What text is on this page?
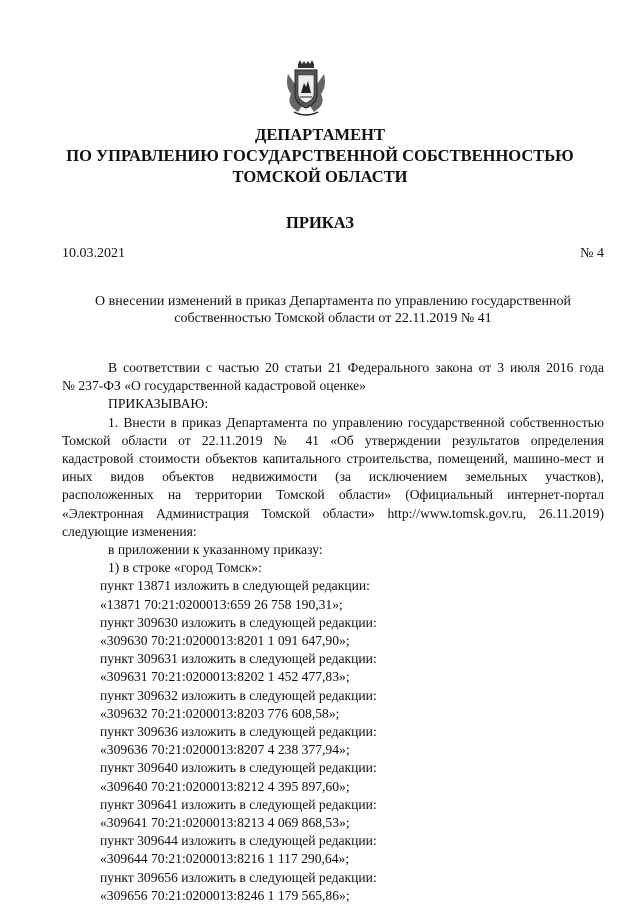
ДЕПАРТАМЕНТ
ПО УПРАВЛЕНИЮ ГОСУДАРСТВЕННОЙ СОБСТВЕННОСТЬЮ
ТОМСКОЙ ОБЛАСТИ
ПРИКАЗ
10.03.2021	№ 4
О внесении изменений в приказ Департамента по управлению государственной
собственностью Томской области от 22.11.2019 № 41

В соответствии с частью 20 статьи 21 Федерального закона от 3 июля 2016 года

№ 237-ФЗ «О государственной кадастровой оценке»

ПРИКАЗЫВАЮ:

1. Внести в приказ Департамента по управлению государственной собственностью

Томской области от 22.11.2019 № 41 «Об утверждении результатов определения

кадастровой стоимости объектов капитального строительства, помещений, машино-мест и

иных видов объектов недвижимости (за исключением земельных участков),

расположенных на территории Томской области» (Официальный интернет-портал

«Электронная Администрация Томской области» http://www.tomsk.gov.ru, 26.11.2019)

следующие изменения:

в приложении к указанному приказу:

1) в строке «город Томск»:

пункт 13871 изложить в следующей редакции:

«13871 70:21:0200013:659 26 758 190,31»;

пункт 309630 изложить в следующей редакции:

«309630 70:21:0200013:8201 1 091 647,90»;

пункт 309631 изложить в следующей редакции:

«309631 70:21:0200013:8202 1 452 477,83»;

пункт 309632 изложить в следующей редакции:

«309632 70:21:0200013:8203 776 608,58»;

пункт 309636 изложить в следующей редакции:

«309636 70:21:0200013:8207 4 238 377,94»;

пункт 309640 изложить в следующей редакции:

«309640 70:21:0200013:8212 4 395 897,60»;

пункт 309641 изложить в следующей редакции:

«309641 70:21:0200013:8213 4 069 868,53»;

пункт 309644 изложить в следующей редакции:

«309644 70:21:0200013:8216 1 117 290,64»;

пункт 309656 изложить в следующей редакции:

«309656 70:21:0200013:8246 1 179 565,86»;
